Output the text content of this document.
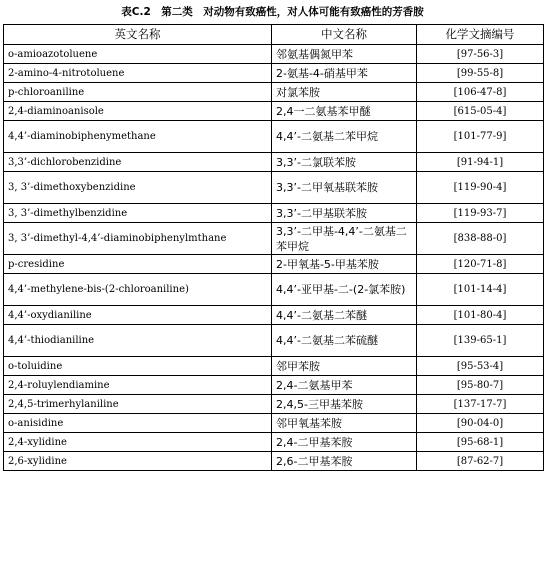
表C.2　第二类　对动物有致癌性，对人体可能有致癌性的芳香胺
英文名称	中文名称	化学文摘编号
o-amioazotoluene	邻氨基偶氮甲苯	[97-56-3]
2-amino-4-nitrotoluene	2-氨基-4-硝基甲苯	[99-55-8]
p-chloroaniline	对氯苯胺	[106-47-8]
2,4-diaminoanisole	2,4一二氨基苯甲醚	[615-05-4]
4,4’-diaminobiphenymethane	4,4’-二氨基二苯甲烷	[101-77-9]
3,3’-dichlorobenzidine	3,3’-二氯联苯胺	[91-94-1]
3, 3’-dimethoxybenzidine	3,3’-二甲氧基联苯胺	[119-90-4]
3, 3’-dimethylbenzidine	3,3’-二甲基联苯胺	[119-93-7]
3, 3’-dimethyl-4,4’-diaminobiphenylmthane	3,3’-二甲基-4,4’-二氨基二苯甲烷	[838-88-0]
p-cresidine	2-甲氧基-5-甲基苯胺	[120-71-8]
4,4’-methylene-bis-(2-chloroaniline)	4,4’-亚甲基-二-(2-氯苯胺)	[101-14-4]
4,4’-oxydianiline	4,4’-二氨基二苯醚	[101-80-4]
4,4’-thiodianiline	4,4’-二氨基二苯硫醚	[139-65-1]
o-toluidine	邻甲苯胺	[95-53-4]
2,4-roluylendiamine	2,4-二氨基甲苯	[95-80-7]
2,4,5-trimerhylaniline	2,4,5-三甲基苯胺	[137-17-7]
o-anisidine	邻甲氧基苯胺	[90-04-0]
2,4-xylidine	2,4-二甲基苯胺	[95-68-1]
2,6-xylidine	2,6-二甲基苯胺	[87-62-7]
